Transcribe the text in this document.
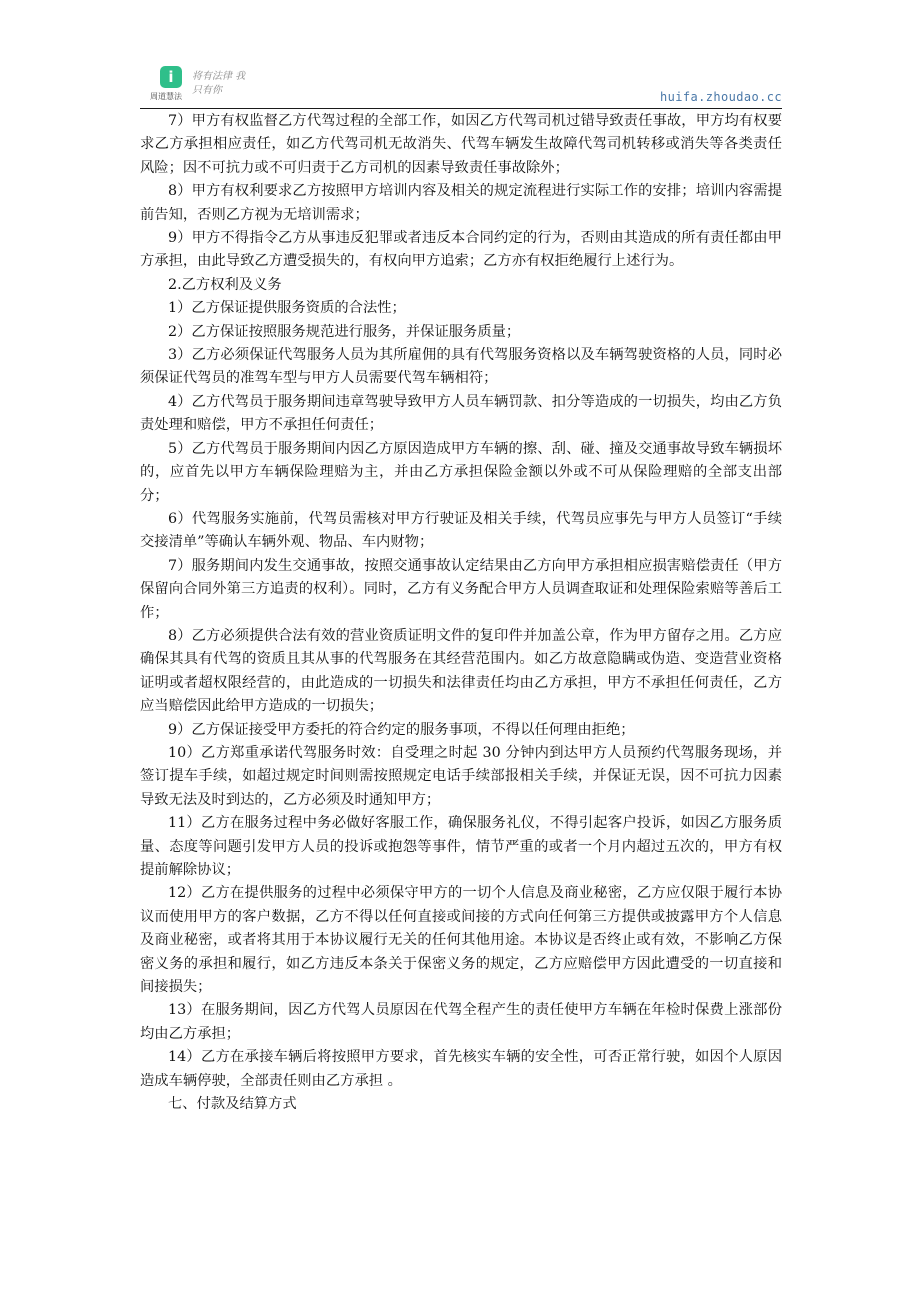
i
周道慧法
将有法律 我只有你	huifa.zhoudao.cc

7）甲方有权监督乙方代驾过程的全部工作，如因乙方代驾司机过错导致责任事故，甲方均有权要求乙方承担相应责任，如乙方代驾司机无故消失、代驾车辆发生故障代驾司机转移或消失等各类责任风险；因不可抗力或不可归责于乙方司机的因素导致责任事故除外；

8）甲方有权利要求乙方按照甲方培训内容及相关的规定流程进行实际工作的安排；培训内容需提前告知，否则乙方视为无培训需求；

9）甲方不得指令乙方从事违反犯罪或者违反本合同约定的行为，否则由其造成的所有责任都由甲方承担，由此导致乙方遭受损失的，有权向甲方追索；乙方亦有权拒绝履行上述行为。

2.乙方权利及义务

1）乙方保证提供服务资质的合法性；

2）乙方保证按照服务规范进行服务，并保证服务质量；

3）乙方必须保证代驾服务人员为其所雇佣的具有代驾服务资格以及车辆驾驶资格的人员，同时必须保证代驾员的准驾车型与甲方人员需要代驾车辆相符；

4）乙方代驾员于服务期间违章驾驶导致甲方人员车辆罚款、扣分等造成的一切损失，均由乙方负责处理和赔偿，甲方不承担任何责任；

5）乙方代驾员于服务期间内因乙方原因造成甲方车辆的擦、刮、碰、撞及交通事故导致车辆损坏的，应首先以甲方车辆保险理赔为主，并由乙方承担保险金额以外或不可从保险理赔的全部支出部分；

6）代驾服务实施前，代驾员需核对甲方行驶证及相关手续，代驾员应事先与甲方人员签订“手续交接清单”等确认车辆外观、物品、车内财物；

7）服务期间内发生交通事故，按照交通事故认定结果由乙方向甲方承担相应损害赔偿责任（甲方保留向合同外第三方追责的权利）。同时，乙方有义务配合甲方人员调查取证和处理保险索赔等善后工作；

8）乙方必须提供合法有效的营业资质证明文件的复印件并加盖公章，作为甲方留存之用。乙方应确保其具有代驾的资质且其从事的代驾服务在其经营范围内。如乙方故意隐瞒或伪造、变造营业资格证明或者超权限经营的，由此造成的一切损失和法律责任均由乙方承担，甲方不承担任何责任，乙方应当赔偿因此给甲方造成的一切损失；

9）乙方保证接受甲方委托的符合约定的服务事项，不得以任何理由拒绝；

10）乙方郑重承诺代驾服务时效：自受理之时起 30 分钟内到达甲方人员预约代驾服务现场，并签订提车手续，如超过规定时间则需按照规定电话手续部报相关手续，并保证无误，因不可抗力因素导致无法及时到达的，乙方必须及时通知甲方；

11）乙方在服务过程中务必做好客服工作，确保服务礼仪，不得引起客户投诉，如因乙方服务质量、态度等问题引发甲方人员的投诉或抱怨等事件，情节严重的或者一个月内超过五次的，甲方有权提前解除协议；

12）乙方在提供服务的过程中必须保守甲方的一切个人信息及商业秘密，乙方应仅限于履行本协议而使用甲方的客户数据，乙方不得以任何直接或间接的方式向任何第三方提供或披露甲方个人信息及商业秘密，或者将其用于本协议履行无关的任何其他用途。本协议是否终止或有效，不影响乙方保密义务的承担和履行，如乙方违反本条关于保密义务的规定，乙方应赔偿甲方因此遭受的一切直接和间接损失；

13）在服务期间，因乙方代驾人员原因在代驾全程产生的责任使甲方车辆在年检时保费上涨部份均由乙方承担；

14）乙方在承接车辆后将按照甲方要求，首先核实车辆的安全性，可否正常行驶，如因个人原因造成车辆停驶，全部责任则由乙方承担 。

七、付款及结算方式
